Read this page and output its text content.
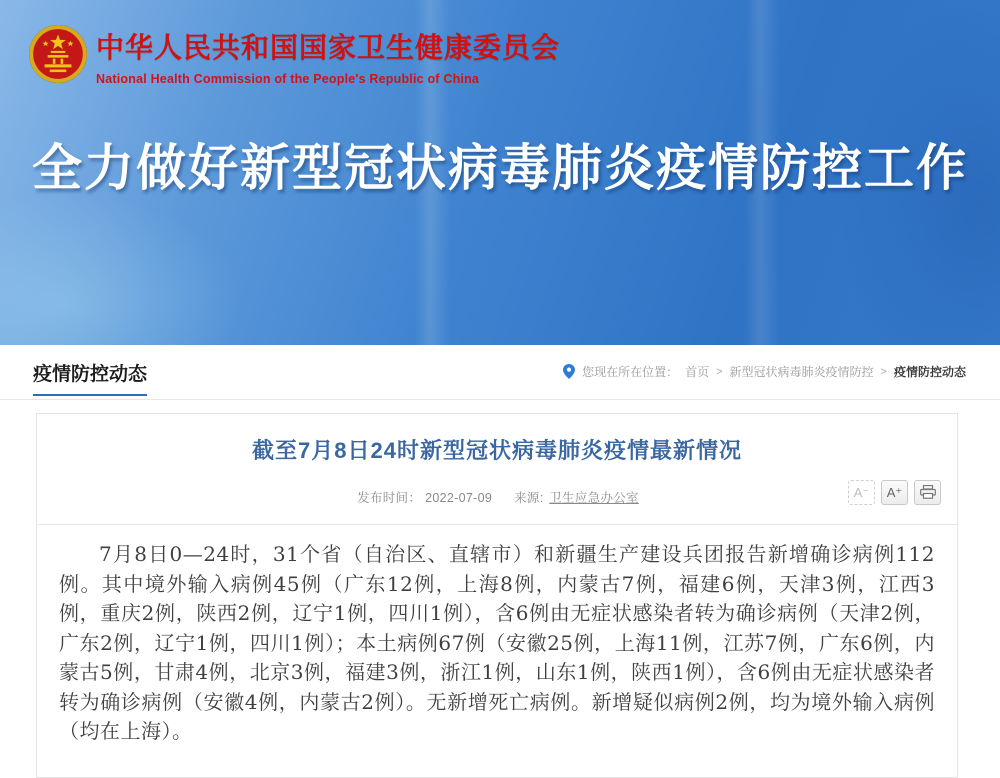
中华人民共和国国家卫生健康委员会
National Health Commission of the People's Republic of China
全力做好新型冠状病毒肺炎疫情防控工作
疫情防控动态	您现在所在位置： 首页 > 新型冠状病毒肺炎疫情防控 > 疫情防控动态
截至7月8日24时新型冠状病毒肺炎疫情最新情况
发布时间： 2022-07-09 来源: 卫生应急办公室	A⁻	A⁺

7月8日0—24时，31个省（自治区、直辖市）和新疆生产建设兵团报告新增确诊病例112例。其中境外输入病例45例（广东12例，上海8例，内蒙古7例，福建6例，天津3例，江西3例，重庆2例，陕西2例，辽宁1例，四川1例），含6例由无症状感染者转为确诊病例（天津2例，广东2例，辽宁1例，四川1例）；本土病例67例（安徽25例，上海11例，江苏7例，广东6例，内蒙古5例，甘肃4例，北京3例，福建3例，浙江1例，山东1例，陕西1例），含6例由无症状感染者转为确诊病例（安徽4例，内蒙古2例）。无新增死亡病例。新增疑似病例2例，均为境外输入病例（均在上海）。
